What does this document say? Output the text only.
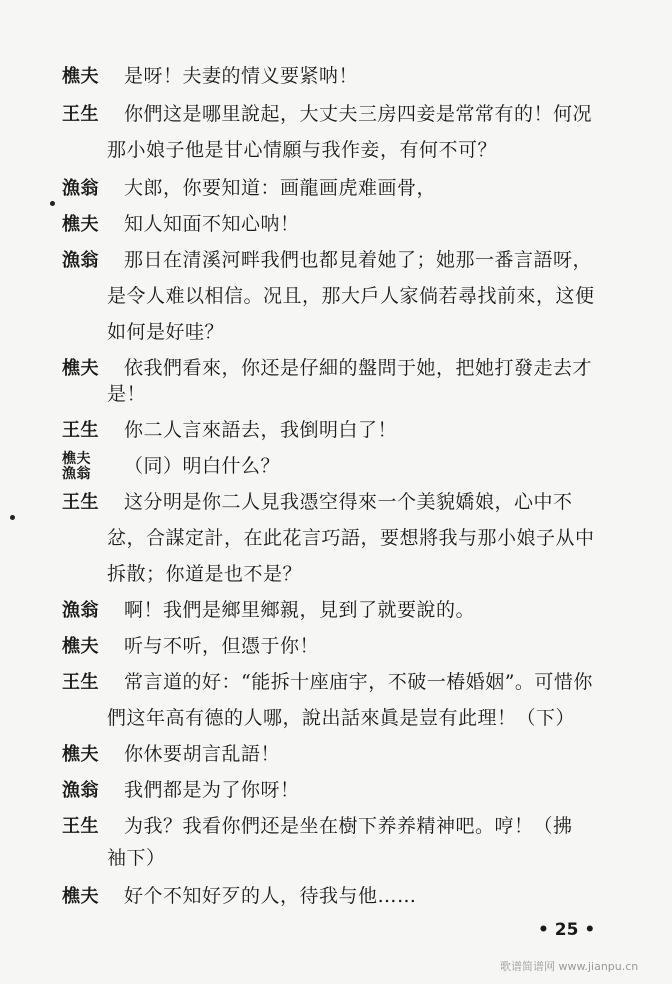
樵夫 是呀！夫妻的情义要紧呐！
王生 你們这是哪里說起，大丈夫三房四妾是常常有的！何况
那小娘子他是甘心情願与我作妾，有何不可？
漁翁 大郎，你要知道：画龍画虎难画骨，
樵夫 知人知面不知心呐！
漁翁 那日在清溪河畔我們也都見着她了；她那一番言語呀，
是令人难以相信。况且，那大戶人家倘若尋找前來，这便
如何是好哇？
樵夫 依我們看來，你还是仔細的盤問于她，把她打發走去才
是！
王生 你二人言來語去，我倒明白了！
樵夫
漁翁	（同）明白什么？
王生 这分明是你二人見我憑空得來一个美貌嬌娘，心中不
忿，合謀定計，在此花言巧語，要想將我与那小娘子从中
拆散；你道是也不是？
漁翁 啊！我們是鄉里鄉親，見到了就要說的。
樵夫 听与不听，但憑于你！
王生 常言道的好：“能拆十座庙宇，不破一椿婚姻”。可惜你
們这年高有德的人哪，說出話來眞是豈有此理！（下）
樵夫 你休要胡言乱語！
漁翁 我們都是为了你呀！
王生 为我？我看你們还是坐在樹下养养精神吧。哼！（拂
袖下）
樵夫 好个不知好歹的人，待我与他……
• 25 •
歌谱简谱网 www.jianpu.cn
